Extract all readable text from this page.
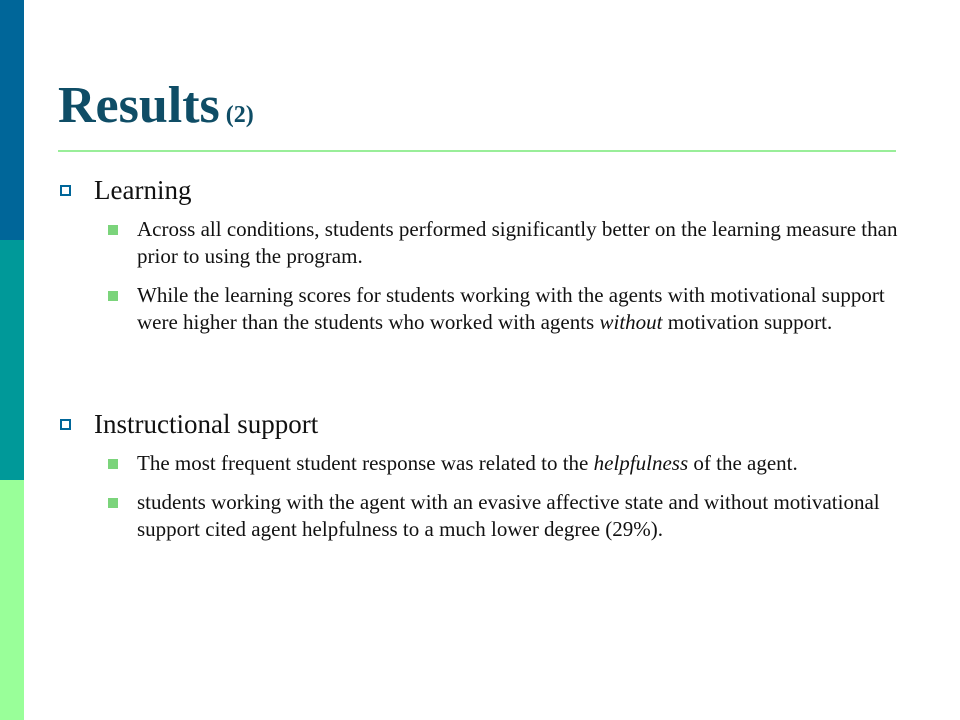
Results (2)
Learning
Across all conditions, students performed significantly better on the learning measure than prior to using the program.
While the learning scores for students working with the agents with motivational support were higher than the students who worked with agents without motivation support.
Instructional support
The most frequent student response was related to the helpfulness of the agent.
students working with the agent with an evasive affective state and without motivational support cited agent helpfulness to a much lower degree (29%).
